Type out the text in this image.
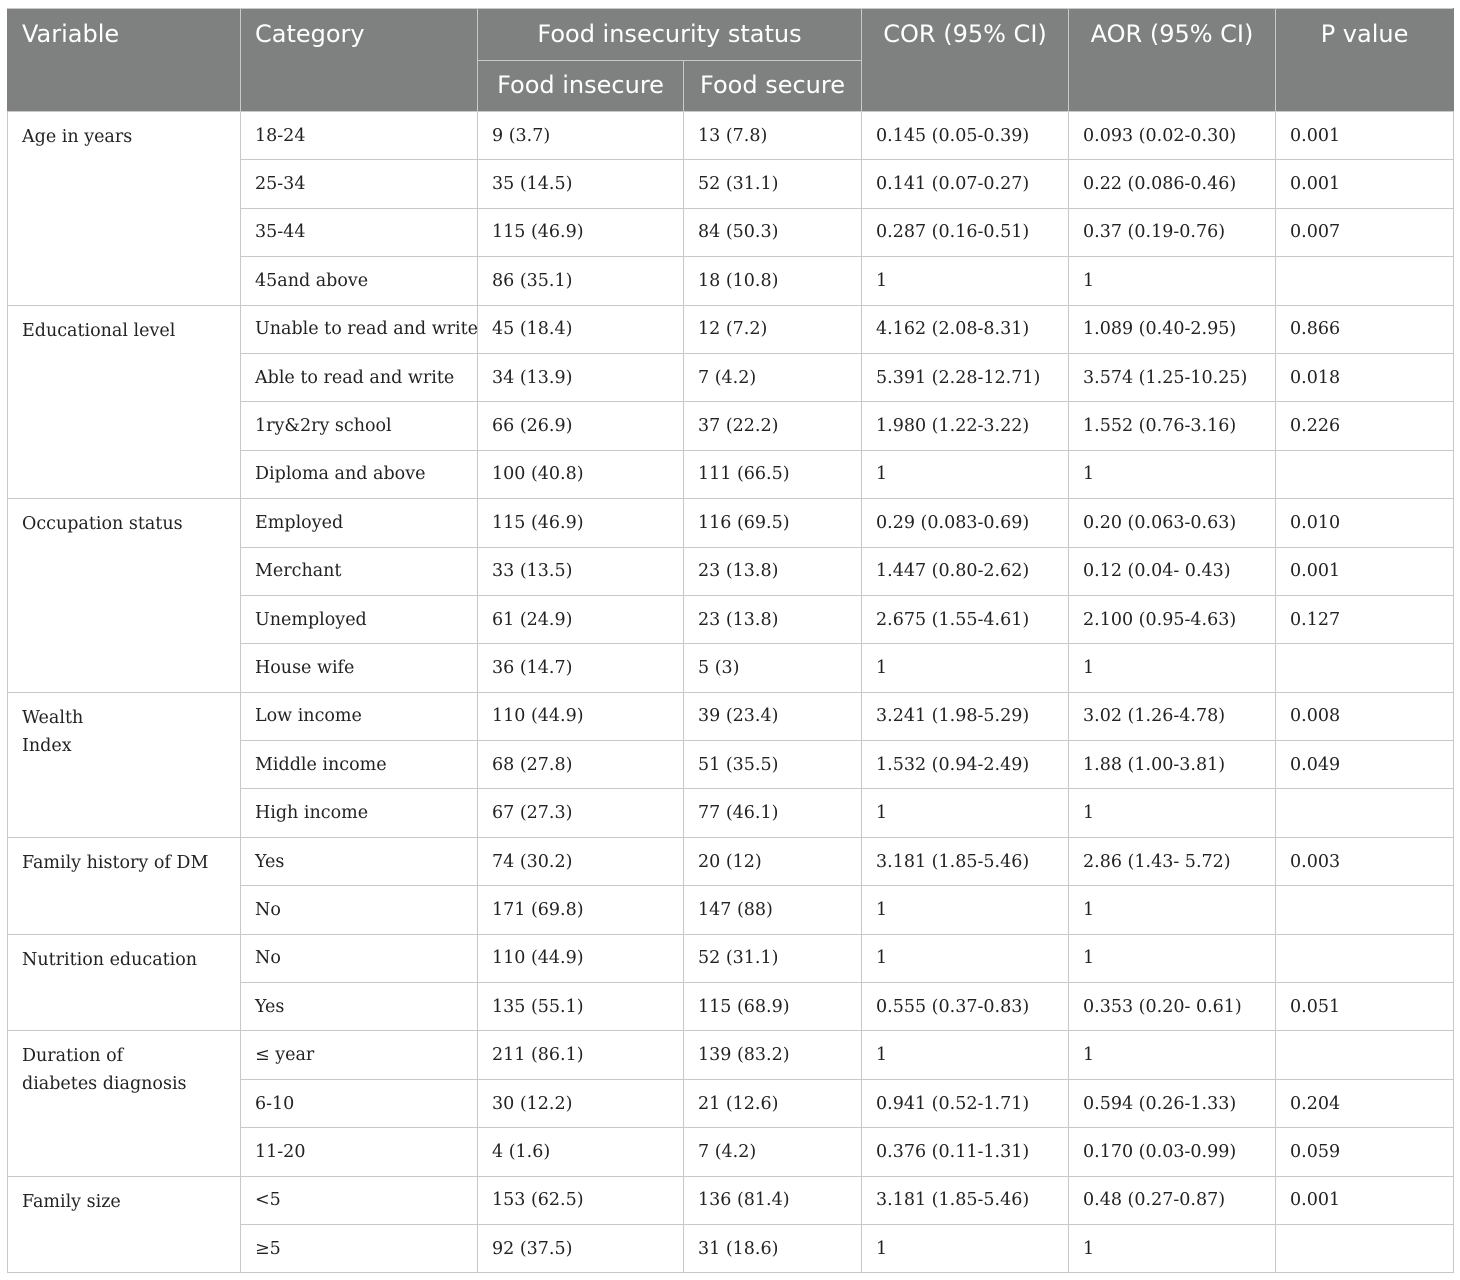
Variable	Category	Food insecurity status		COR (95% CI)	AOR (95% CI)	P value
		Food insecure	Food secure			

Age in years	18-24	9 (3.7)	13 (7.8)	0.145 (0.05-0.39)	0.093 (0.02-0.30)	0.001
	25-34	35 (14.5)	52 (31.1)	0.141 (0.07-0.27)	0.22 (0.086-0.46)	0.001
	35-44	115 (46.9)	84 (50.3)	0.287 (0.16-0.51)	0.37 (0.19-0.76)	0.007
	45and above	86 (35.1)	18 (10.8)	1	1	

Educational level	Unable to read and write	45 (18.4)	12 (7.2)	4.162 (2.08-8.31)	1.089 (0.40-2.95)	0.866
	Able to read and write	34 (13.9)	7 (4.2)	5.391 (2.28-12.71)	3.574 (1.25-10.25)	0.018
	1ry&2ry school	66 (26.9)	37 (22.2)	1.980 (1.22-3.22)	1.552 (0.76-3.16)	0.226
	Diploma and above	100 (40.8)	111 (66.5)	1	1	

Occupation status	Employed	115 (46.9)	116 (69.5)	0.29 (0.083-0.69)	0.20 (0.063-0.63)	0.010
	Merchant	33 (13.5)	23 (13.8)	1.447 (0.80-2.62)	0.12 (0.04- 0.43)	0.001
	Unemployed	61 (24.9)	23 (13.8)	2.675 (1.55-4.61)	2.100 (0.95-4.63)	0.127
	House wife	36 (14.7)	5 (3)	1	1	

Wealth
Index	Low income	110 (44.9)	39 (23.4)	3.241 (1.98-5.29)	3.02 (1.26-4.78)	0.008
	Middle income	68 (27.8)	51 (35.5)	1.532 (0.94-2.49)	1.88 (1.00-3.81)	0.049
	High income	67 (27.3)	77 (46.1)	1	1	

Family history of DM	Yes	74 (30.2)	20 (12)	3.181 (1.85-5.46)	2.86 (1.43- 5.72)	0.003
	No	171 (69.8)	147 (88)	1	1	

Nutrition education	No	110 (44.9)	52 (31.1)	1	1	
	Yes	135 (55.1)	115 (68.9)	0.555 (0.37-0.83)	0.353 (0.20- 0.61)	0.051

Duration of
diabetes diagnosis	≤ year	211 (86.1)	139 (83.2)	1	1	
	6-10	30 (12.2)	21 (12.6)	0.941 (0.52-1.71)	0.594 (0.26-1.33)	0.204
	11-20	4 (1.6)	7 (4.2)	0.376 (0.11-1.31)	0.170 (0.03-0.99)	0.059

Family size	<5	153 (62.5)	136 (81.4)	3.181 (1.85-5.46)	0.48 (0.27-0.87)	0.001
	≥5	92 (37.5)	31 (18.6)	1	1	
